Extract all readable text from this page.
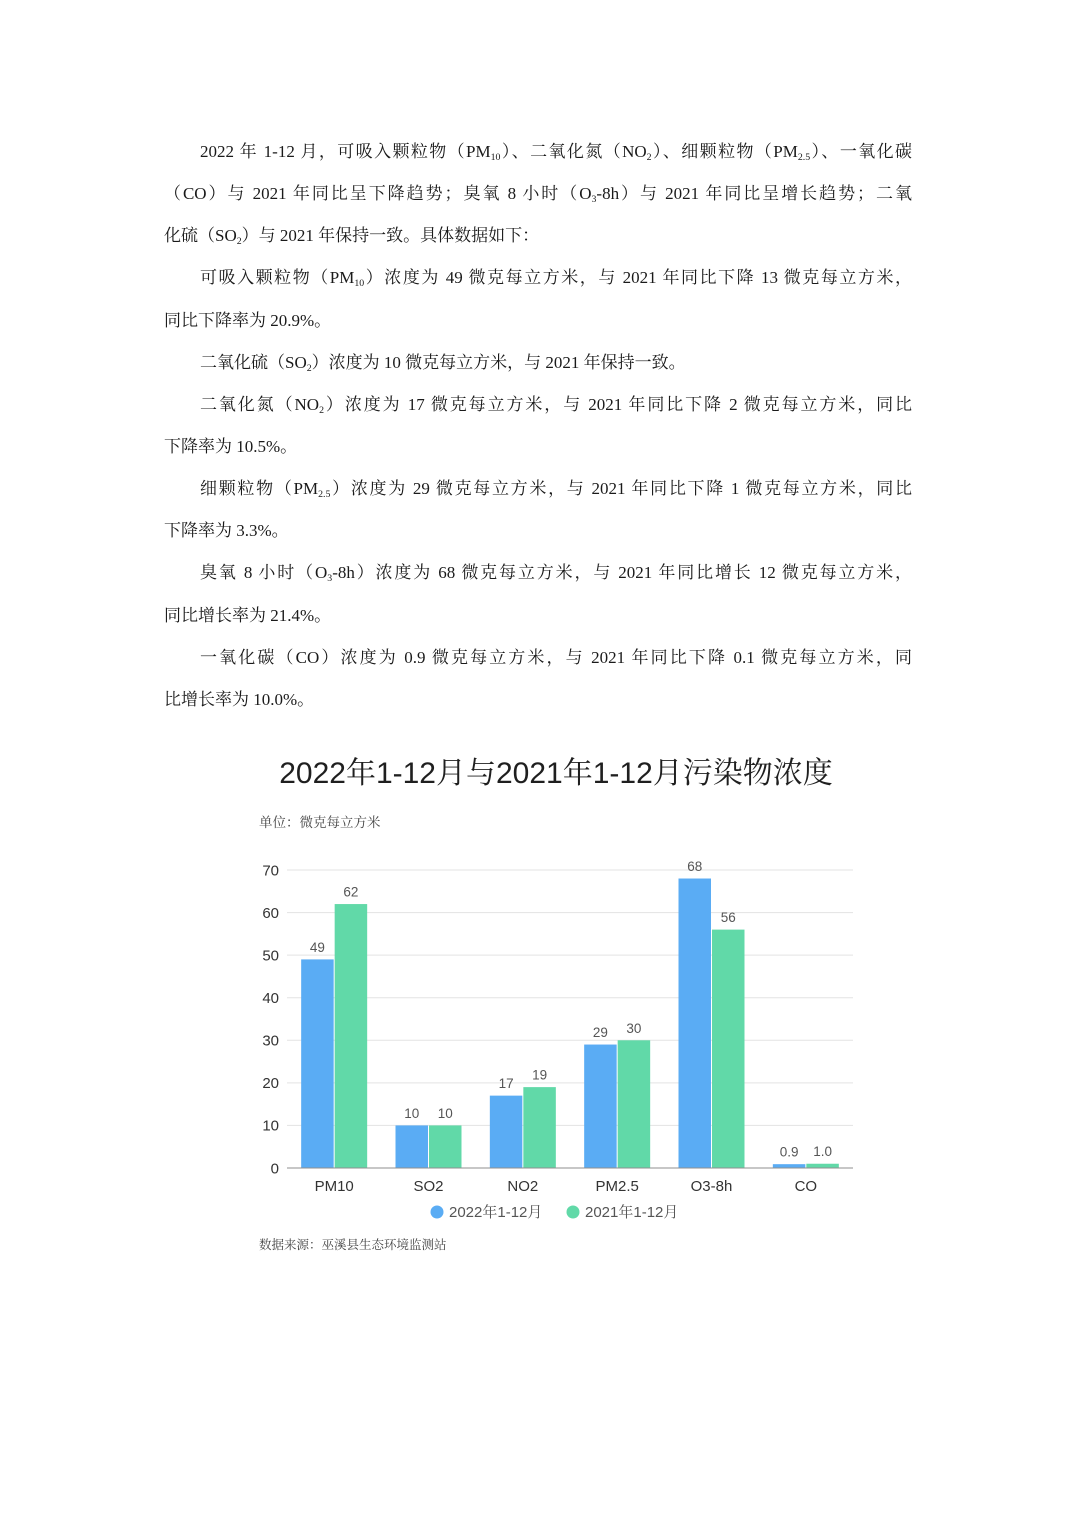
2022 年 1-12 月，可吸入颗粒物$(PM_{10})$、二氧化氮$(NO_2)$、细颗粒物$(PM_{2.5})$、一氧化碳
（CO）与 2021 年同比呈下降趋势；臭氧 8 小时$(O_3-8h)$与 2021 年同比呈增长趋势；二氧
化硫$(SO_2)$与 2021 年保持一致。具体数据如下：
可吸入颗粒物$(PM_{10})$浓度为 49 微克每立方米，与 2021 年同比下降 13 微克每立方米，
同比下降率为 20.9%。
二氧化硫$(SO_2)$浓度为 10 微克每立方米，与 2021 年保持一致。
二氧化氮$(NO_2)$浓度为 17 微克每立方米，与 2021 年同比下降 2 微克每立方米，同比
下降率为 10.5%。
细颗粒物$(PM_{2.5})$浓度为 29 微克每立方米，与 2021 年同比下降 1 微克每立方米，同比
下降率为 3.3%。
臭氧 8 小时$(O_3-8h)$浓度为 68 微克每立方米，与 2021 年同比增长 12 微克每立方米，
同比增长率为 21.4%。
一氧化碳（CO）浓度为 0.9 微克每立方米，与 2021 年同比下降 0.1 微克每立方米，同
比增长率为 10.0%。
2022年1-12月与2021年1-12月污染物浓度
单位：微克每立方米
0
10
20
30
40
50
60
70
PM10	SO2	NO2	PM2.5	O3-8h	CO
49
62
10 10
17
19
29 30
68
56
0.9 1.0
2022年1-12月	2021年1-12月
数据来源：巫溪县生态环境监测站
